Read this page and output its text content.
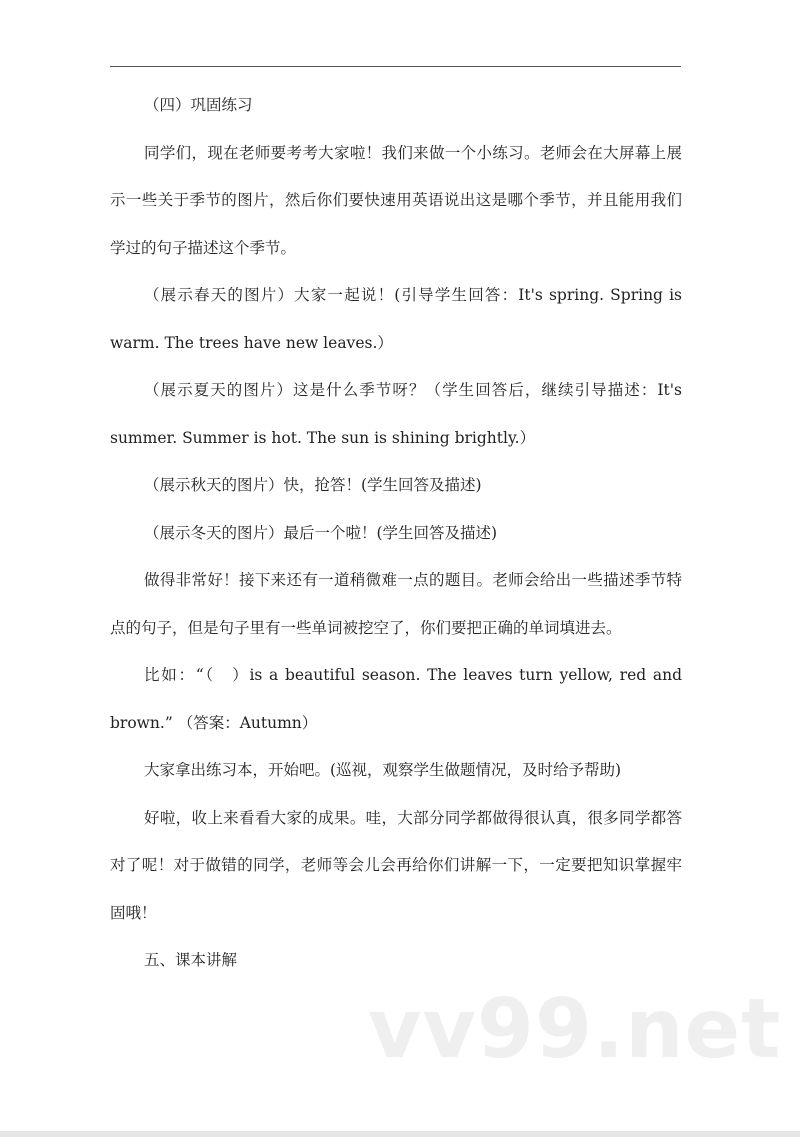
（四）巩固练习

同学们，现在老师要考考大家啦！我们来做一个小练习。老师会在大屏幕上展示一些关于季节的图片，然后你们要快速用英语说出这是哪个季节，并且能用我们学过的句子描述这个季节。

（展示春天的图片）大家一起说！(引导学生回答：It's spring. Spring is warm. The trees have new leaves.）

（展示夏天的图片）这是什么季节呀？（学生回答后，继续引导描述：It's summer. Summer is hot. The sun is shining brightly.）

（展示秋天的图片）快，抢答！(学生回答及描述)

（展示冬天的图片）最后一个啦！(学生回答及描述)

做得非常好！接下来还有一道稍微难一点的题目。老师会给出一些描述季节特点的句子，但是句子里有一些单词被挖空了，你们要把正确的单词填进去。

比如：“（　）is a beautiful season. The leaves turn yellow, red and brown.” （答案：Autumn）

大家拿出练习本，开始吧。(巡视，观察学生做题情况，及时给予帮助)

好啦，收上来看看大家的成果。哇，大部分同学都做得很认真，很多同学都答对了呢！对于做错的同学，老师等会儿会再给你们讲解一下，一定要把知识掌握牢固哦！

五、课本讲解

vv99.net
